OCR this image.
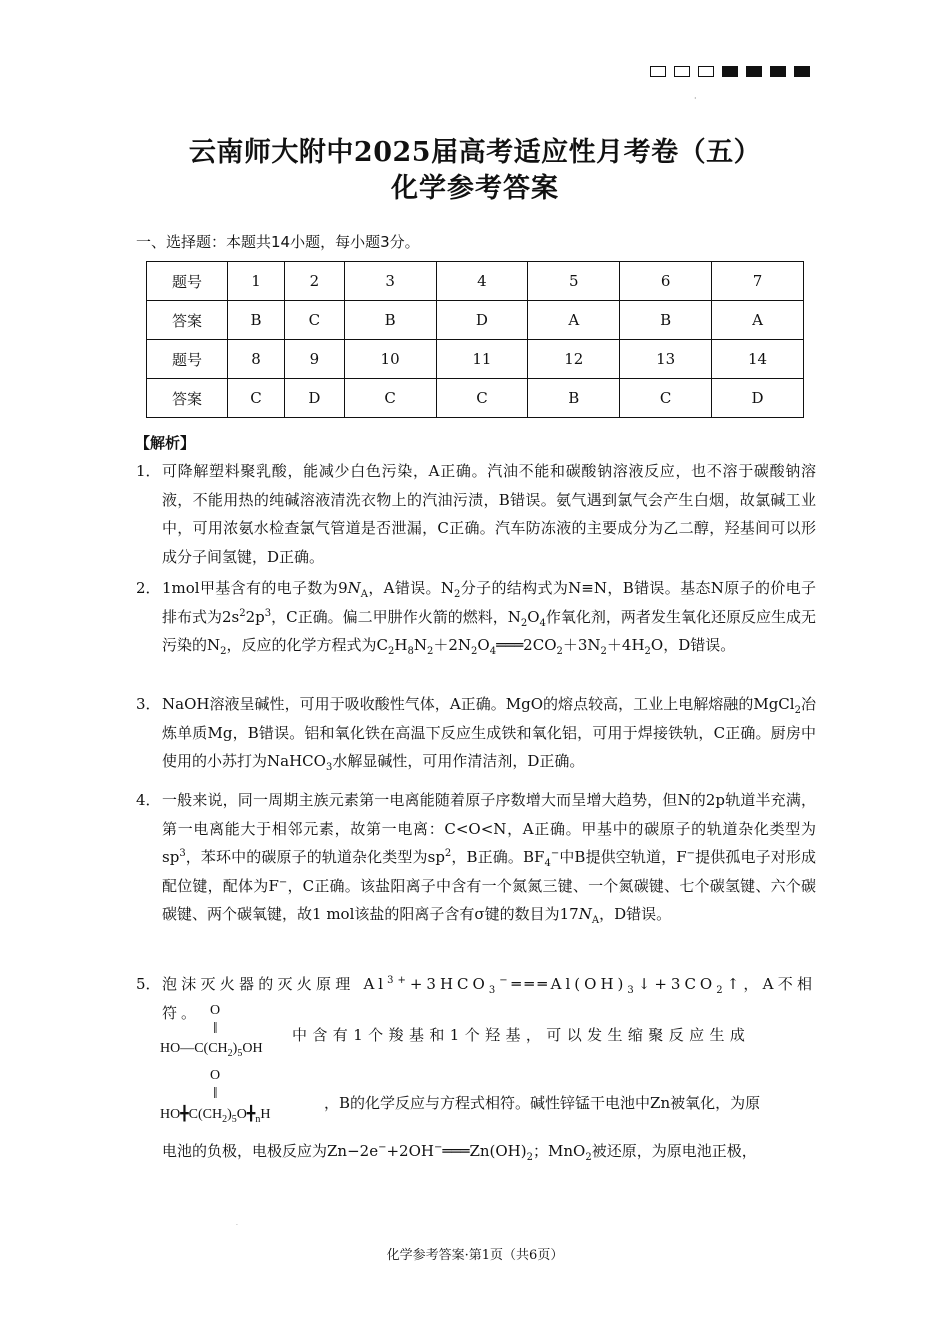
·
云南师大附中2025届高考适应性月考卷（五）
化学参考答案
一、选择题：本题共14小题，每小题3分。
题号	1	2	3	4	5	6	7
答案	B	C	B	D	A	B	A
题号	8	9	10	11	12	13	14
答案	C	D	C	C	B	C	D
【解析】
1． 可降解塑料聚乳酸，能减少白色污染，A正确。汽油不能和碳酸钠溶液反应，也不溶于碳酸钠溶液，不能用热的纯碱溶液清洗衣物上的汽油污渍，B错误。氨气遇到氯气会产生白烟，故氯碱工业中，可用浓氨水检查氯气管道是否泄漏，C正确。汽车防冻液的主要成分为乙二醇，羟基间可以形成分子间氢键，D正确。
2． 1mol甲基含有的电子数为$9N_A$，A错误。$N_2$分子的结构式为N≡N，B错误。基态N原子的价电子排布式为$2s^22p^3$，C正确。偏二甲肼作火箭的燃料，$N_2O_4$作氧化剂，两者发生氧化还原反应生成无污染的$N_2$，反应的化学方程式为$C_2H_8N_2+2N_2O_4═══2CO_2+3N_2+4H_2O$，D错误。
3． NaOH溶液呈碱性，可用于吸收酸性气体，A正确。MgO的熔点较高，工业上电解熔融的MgCl$_2$冶炼单质Mg，B错误。铝和氧化铁在高温下反应生成铁和氧化铝，可用于焊接铁轨，C正确。厨房中使用的小苏打为NaHCO$_3$水解显碱性，可用作清洁剂，D正确。
4． 一般来说，同一周期主族元素第一电离能随着原子序数增大而呈增大趋势，但N的2p轨道半充满，第一电离能大于相邻元素，故第一电离：C<O<N，A正确。甲基中的碳原子的轨道杂化类型为$sp^3$，苯环中的碳原子的轨道杂化类型为$sp^2$，B正确。$BF_4^-$中B提供空轨道，F−提供孤电子对形成配位键，配体为F−，C正确。该盐阳离子中含有一个氮氮三键、一个氮碳键、七个碳氢键、六个碳碳键、两个碳氧键，故1 mol该盐的阳离子含有σ键的数目为$17N_A$，D错误。
5． 泡沫灭火器的灭火原理 $Al^{3+}+3HCO_3^-═══Al(OH)_3↓+3CO_2↑$，A不相符。 O
‖
$HO—C(CH_2)_5OH$
中含有1个羧基和1个羟基，可以发生缩聚反应生成
O
‖
$HO╋C(CH_2)_5O╋_nH$
，B的化学反应与方程式相符。碱性锌锰干电池中Zn被氧化，为原
电池的负极，电极反应为$Zn-2e^-+2OH^-═══Zn(OH)_2$；MnO$_2$被还原，为原电池正极，
·
化学参考答案·第1页（共6页）
